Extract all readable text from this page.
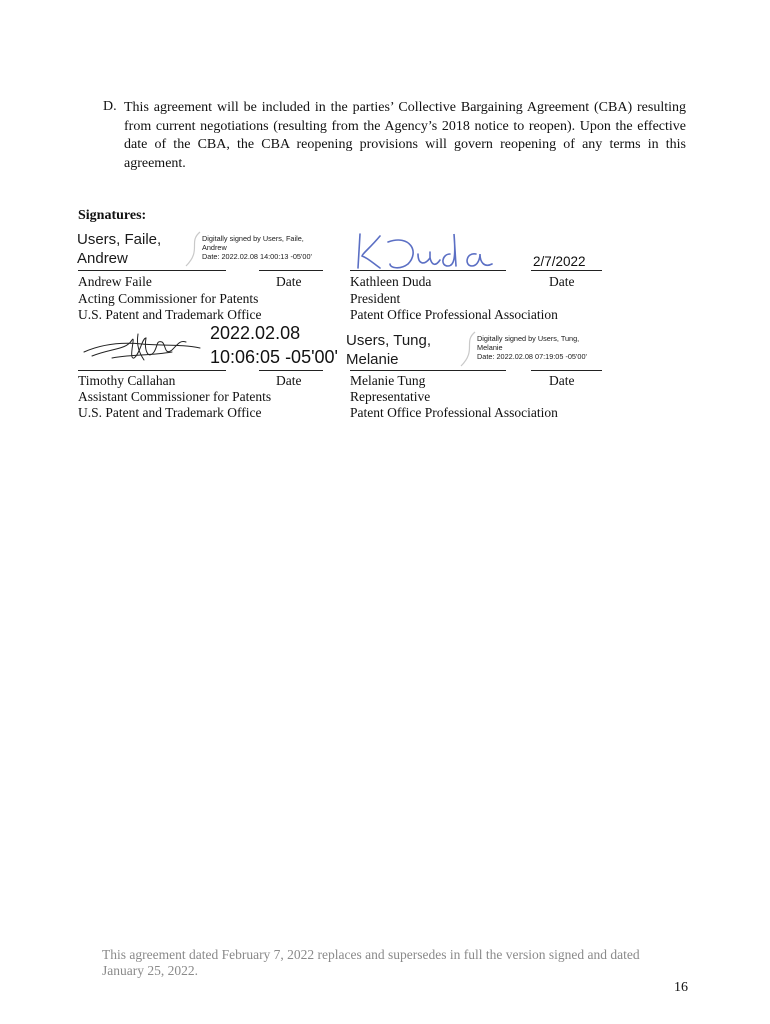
D. This agreement will be included in the parties’ Collective Bargaining Agreement (CBA) resulting from current negotiations (resulting from the Agency’s 2018 notice to reopen). Upon the effective date of the CBA, the CBA reopening provisions will govern reopening of any terms in this agreement.
Signatures:
Users, Faile,
Andrew
Digitally signed by Users, Faile,
Andrew
Date: 2022.02.08 14:00:13 -05'00'
Andrew Faile	Date
Acting Commissioner for Patents
U.S. Patent and Trademark Office
2/7/2022
Kathleen Duda	Date
President
Patent Office Professional Association
2022.02.08
10:06:05 -05'00'
Timothy Callahan	Date
Assistant Commissioner for Patents
U.S. Patent and Trademark Office
Users, Tung,
Melanie
Digitally signed by Users, Tung,
Melanie
Date: 2022.02.08 07:19:05 -05'00'
Melanie Tung	Date
Representative
Patent Office Professional Association
This agreement dated February 7, 2022 replaces and supersedes in full the version signed and dated January 25, 2022.
16
